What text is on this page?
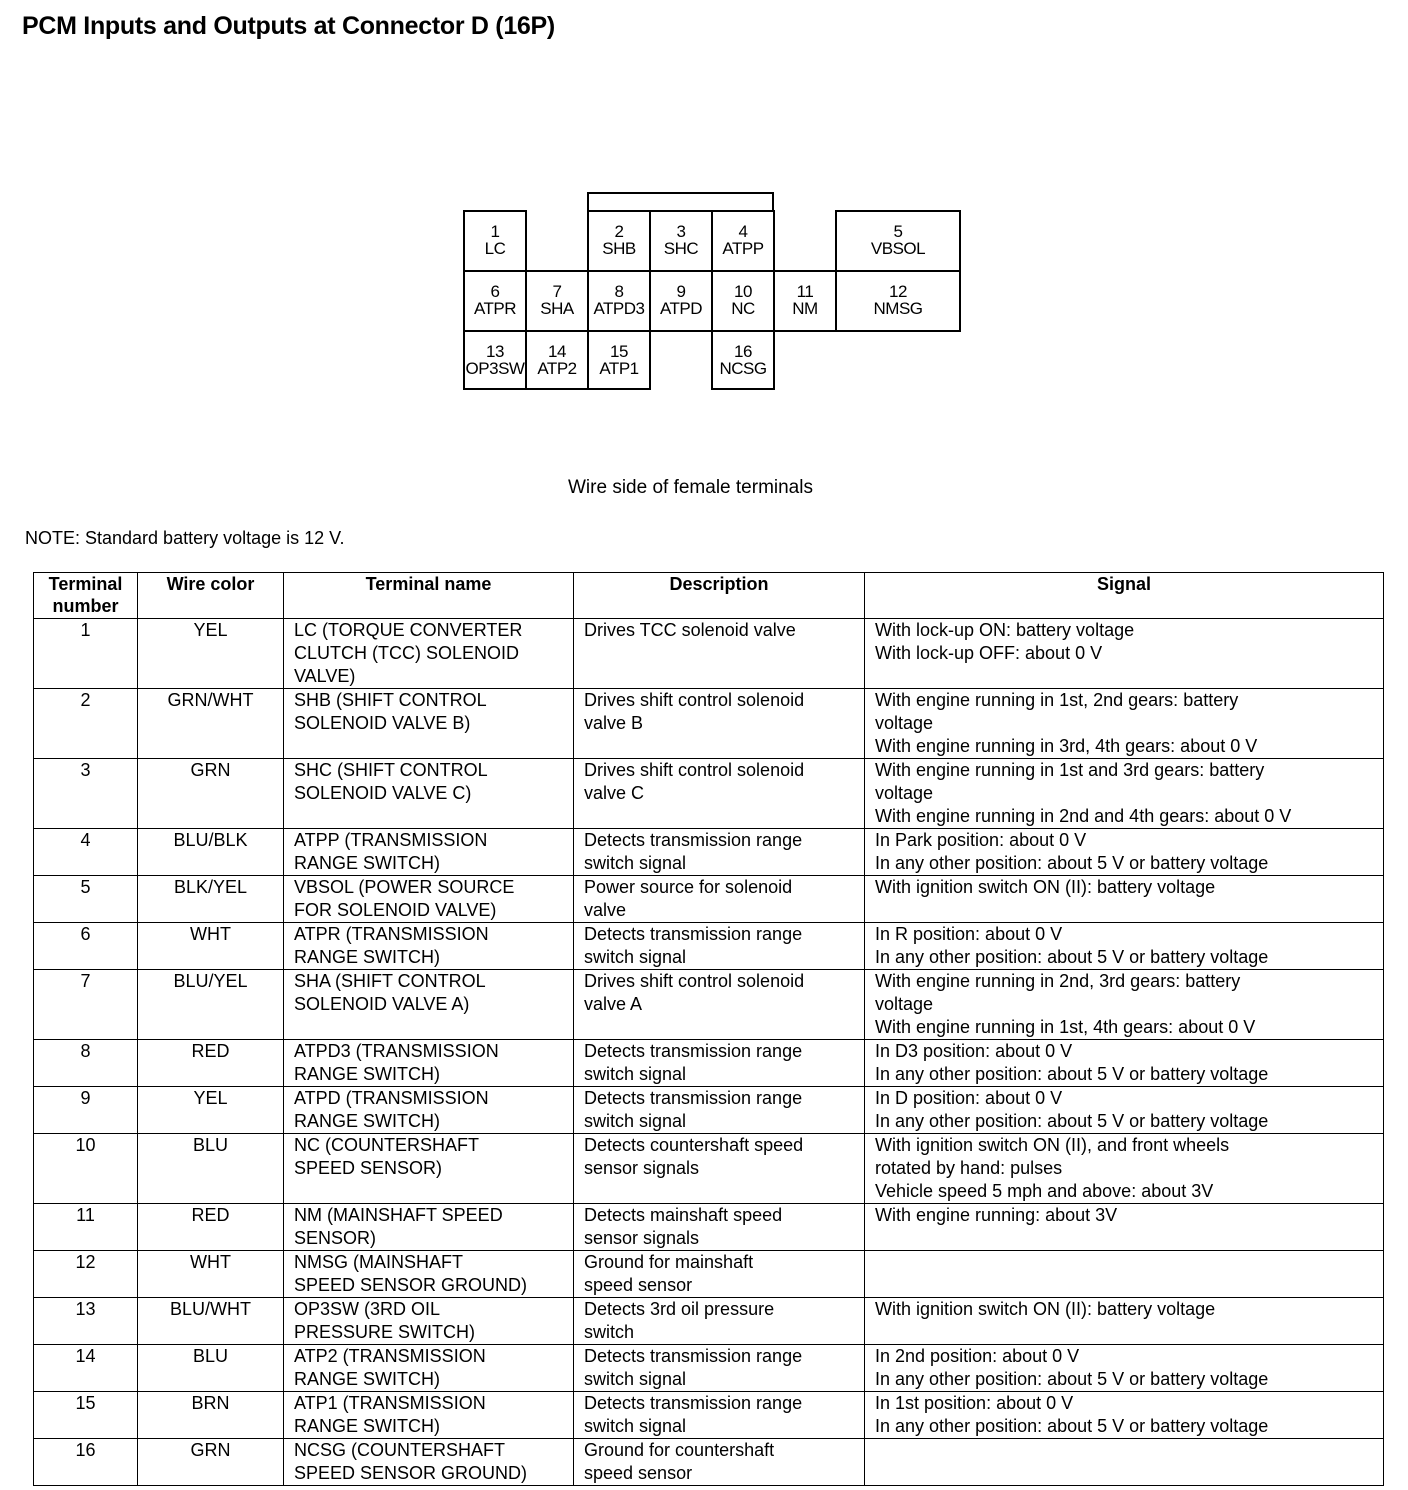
PCM Inputs and Outputs at Connector D (16P)
1
LC
2
SHB
3
SHC
4
ATPP
5
VBSOL
6
ATPR
7
SHA
8
ATPD3
9
ATPD
10
NC
11
NM
12
NMSG
13
OP3SW
14
ATP2
15
ATP1
16
NCSG
Wire side of female terminals
NOTE: Standard battery voltage is 12 V.
Terminal
number	Wire color	Terminal name	Description	Signal
1	YEL	LC (TORQUE CONVERTER
CLUTCH (TCC) SOLENOID
VALVE)	Drives TCC solenoid valve	With lock-up ON: battery voltage
With lock-up OFF: about 0 V
2	GRN/WHT	SHB (SHIFT CONTROL
SOLENOID VALVE B)	Drives shift control solenoid
valve B	With engine running in 1st, 2nd gears: battery
voltage
With engine running in 3rd, 4th gears: about 0 V
3	GRN	SHC (SHIFT CONTROL
SOLENOID VALVE C)	Drives shift control solenoid
valve C	With engine running in 1st and 3rd gears: battery
voltage
With engine running in 2nd and 4th gears: about 0 V
4	BLU/BLK	ATPP (TRANSMISSION
RANGE SWITCH)	Detects transmission range
switch signal	In Park position: about 0 V
In any other position: about 5 V or battery voltage
5	BLK/YEL	VBSOL (POWER SOURCE
FOR SOLENOID VALVE)	Power source for solenoid
valve	With ignition switch ON (II): battery voltage
6	WHT	ATPR (TRANSMISSION
RANGE SWITCH)	Detects transmission range
switch signal	In R position: about 0 V
In any other position: about 5 V or battery voltage
7	BLU/YEL	SHA (SHIFT CONTROL
SOLENOID VALVE A)	Drives shift control solenoid
valve A	With engine running in 2nd, 3rd gears: battery
voltage
With engine running in 1st, 4th gears: about 0 V
8	RED	ATPD3 (TRANSMISSION
RANGE SWITCH)	Detects transmission range
switch signal	In D3 position: about 0 V
In any other position: about 5 V or battery voltage
9	YEL	ATPD (TRANSMISSION
RANGE SWITCH)	Detects transmission range
switch signal	In D position: about 0 V
In any other position: about 5 V or battery voltage
10	BLU	NC (COUNTERSHAFT
SPEED SENSOR)	Detects countershaft speed
sensor signals	With ignition switch ON (II), and front wheels
rotated by hand: pulses
Vehicle speed 5 mph and above: about 3V
11	RED	NM (MAINSHAFT SPEED
SENSOR)	Detects mainshaft speed
sensor signals	With engine running: about 3V
12	WHT	NMSG (MAINSHAFT
SPEED SENSOR GROUND)	Ground for mainshaft
speed sensor	
13	BLU/WHT	OP3SW (3RD OIL
PRESSURE SWITCH)	Detects 3rd oil pressure
switch	With ignition switch ON (II): battery voltage
14	BLU	ATP2 (TRANSMISSION
RANGE SWITCH)	Detects transmission range
switch signal	In 2nd position: about 0 V
In any other position: about 5 V or battery voltage
15	BRN	ATP1 (TRANSMISSION
RANGE SWITCH)	Detects transmission range
switch signal	In 1st position: about 0 V
In any other position: about 5 V or battery voltage
16	GRN	NCSG (COUNTERSHAFT
SPEED SENSOR GROUND)	Ground for countershaft
speed sensor	
